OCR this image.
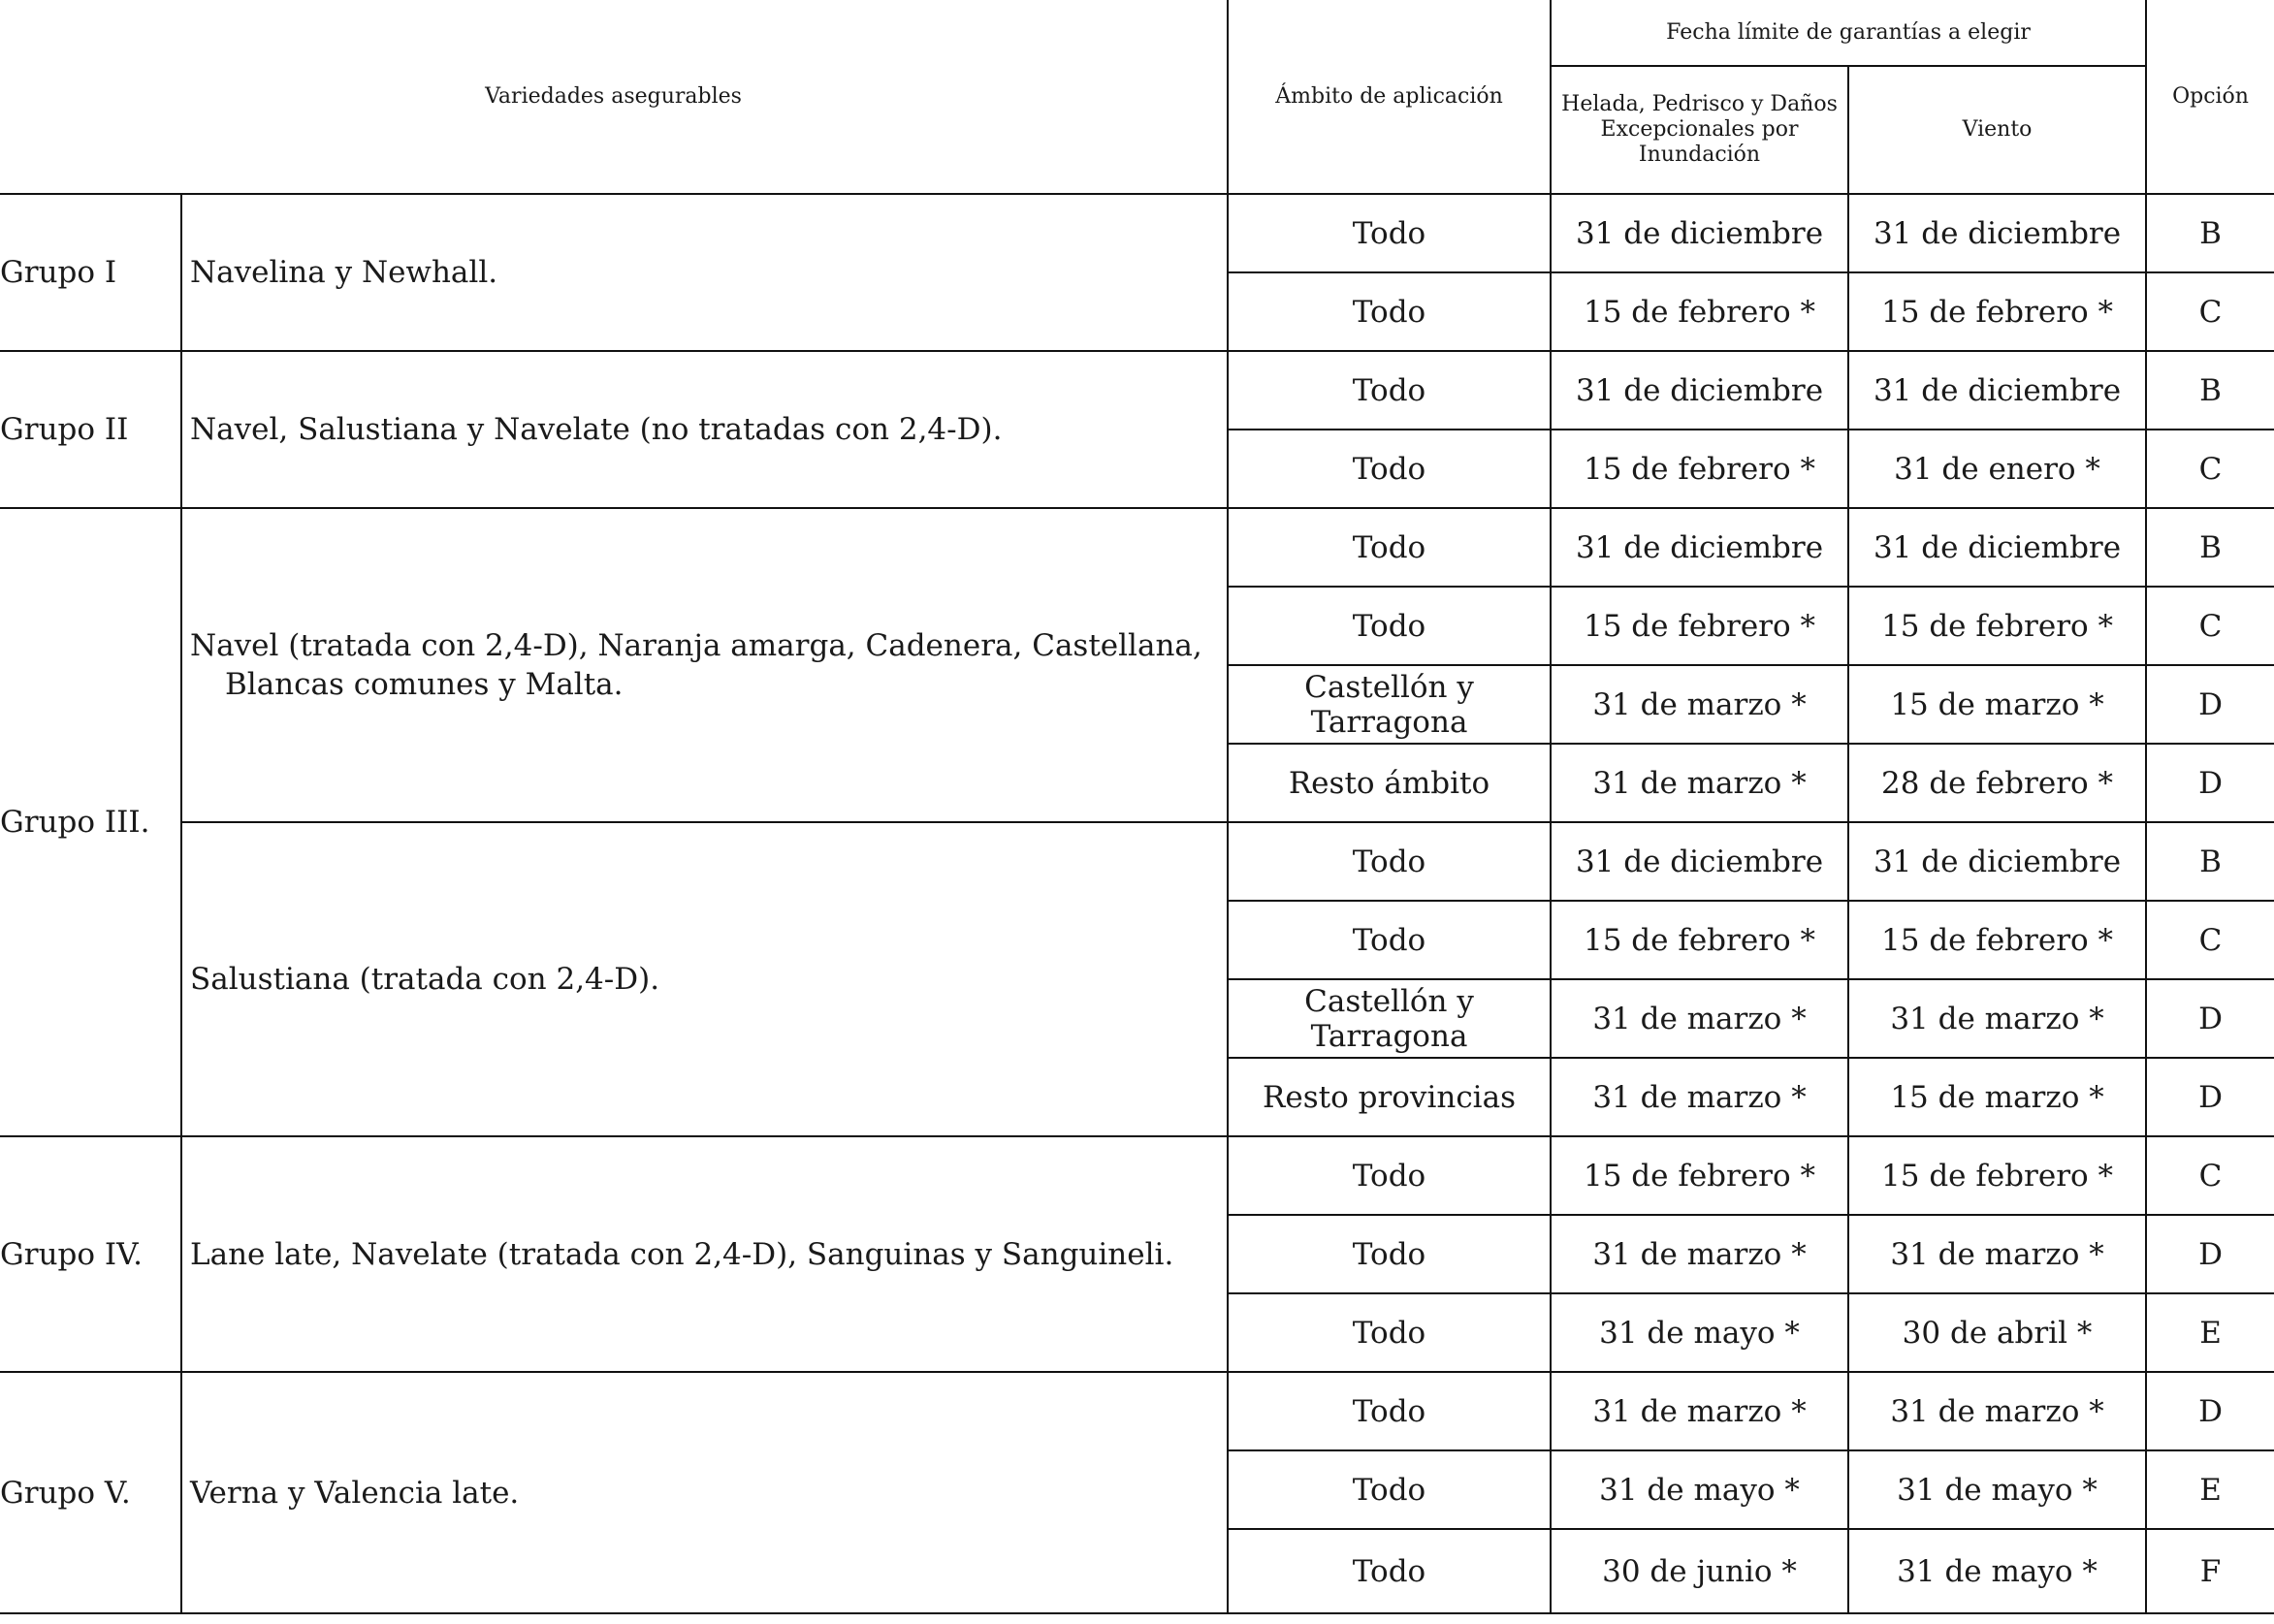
Variedades asegurables		Ámbito de aplicación	Fecha límite de garantías a elegir		Opción

			Helada, Pedrisco y Daños Excepcionales por Inundación	Viento	
Grupo I	Navelina y Newhall.	Todo	31 de diciembre	31 de diciembre	B
		Todo	15 de febrero *	15 de febrero *	C
Grupo II	Navel, Salustiana y Navelate (no tratadas con 2,4-D).	Todo	31 de diciembre	31 de diciembre	B
		Todo	15 de febrero *	31 de enero *	C
Grupo III.	Navel (tratada con 2,4-D), Naranja amarga, Cadenera, Castellana, Blancas comunes y Malta.	Todo	31 de diciembre	31 de diciembre	B
		Todo	15 de febrero *	15 de febrero *	C
		Castellón y Tarragona	31 de marzo *	15 de marzo *	D
		Resto ámbito	31 de marzo *	28 de febrero *	D

	Salustiana (tratada con 2,4-D).	Todo	31 de diciembre	31 de diciembre	B
		Todo	15 de febrero *	15 de febrero *	C
		Castellón y Tarragona	31 de marzo *	31 de marzo *	D
		Resto provincias	31 de marzo *	15 de marzo *	D
Grupo IV.	Lane late, Navelate (tratada con 2,4-D), Sanguinas y Sanguineli.	Todo	15 de febrero *	15 de febrero *	C
		Todo	31 de marzo *	31 de marzo *	D
		Todo	31 de mayo *	30 de abril *	E
Grupo V.	Verna y Valencia late.	Todo	31 de marzo *	31 de marzo *	D
		Todo	31 de mayo *	31 de mayo *	E
		Todo	30 de junio *	31 de mayo *	F
